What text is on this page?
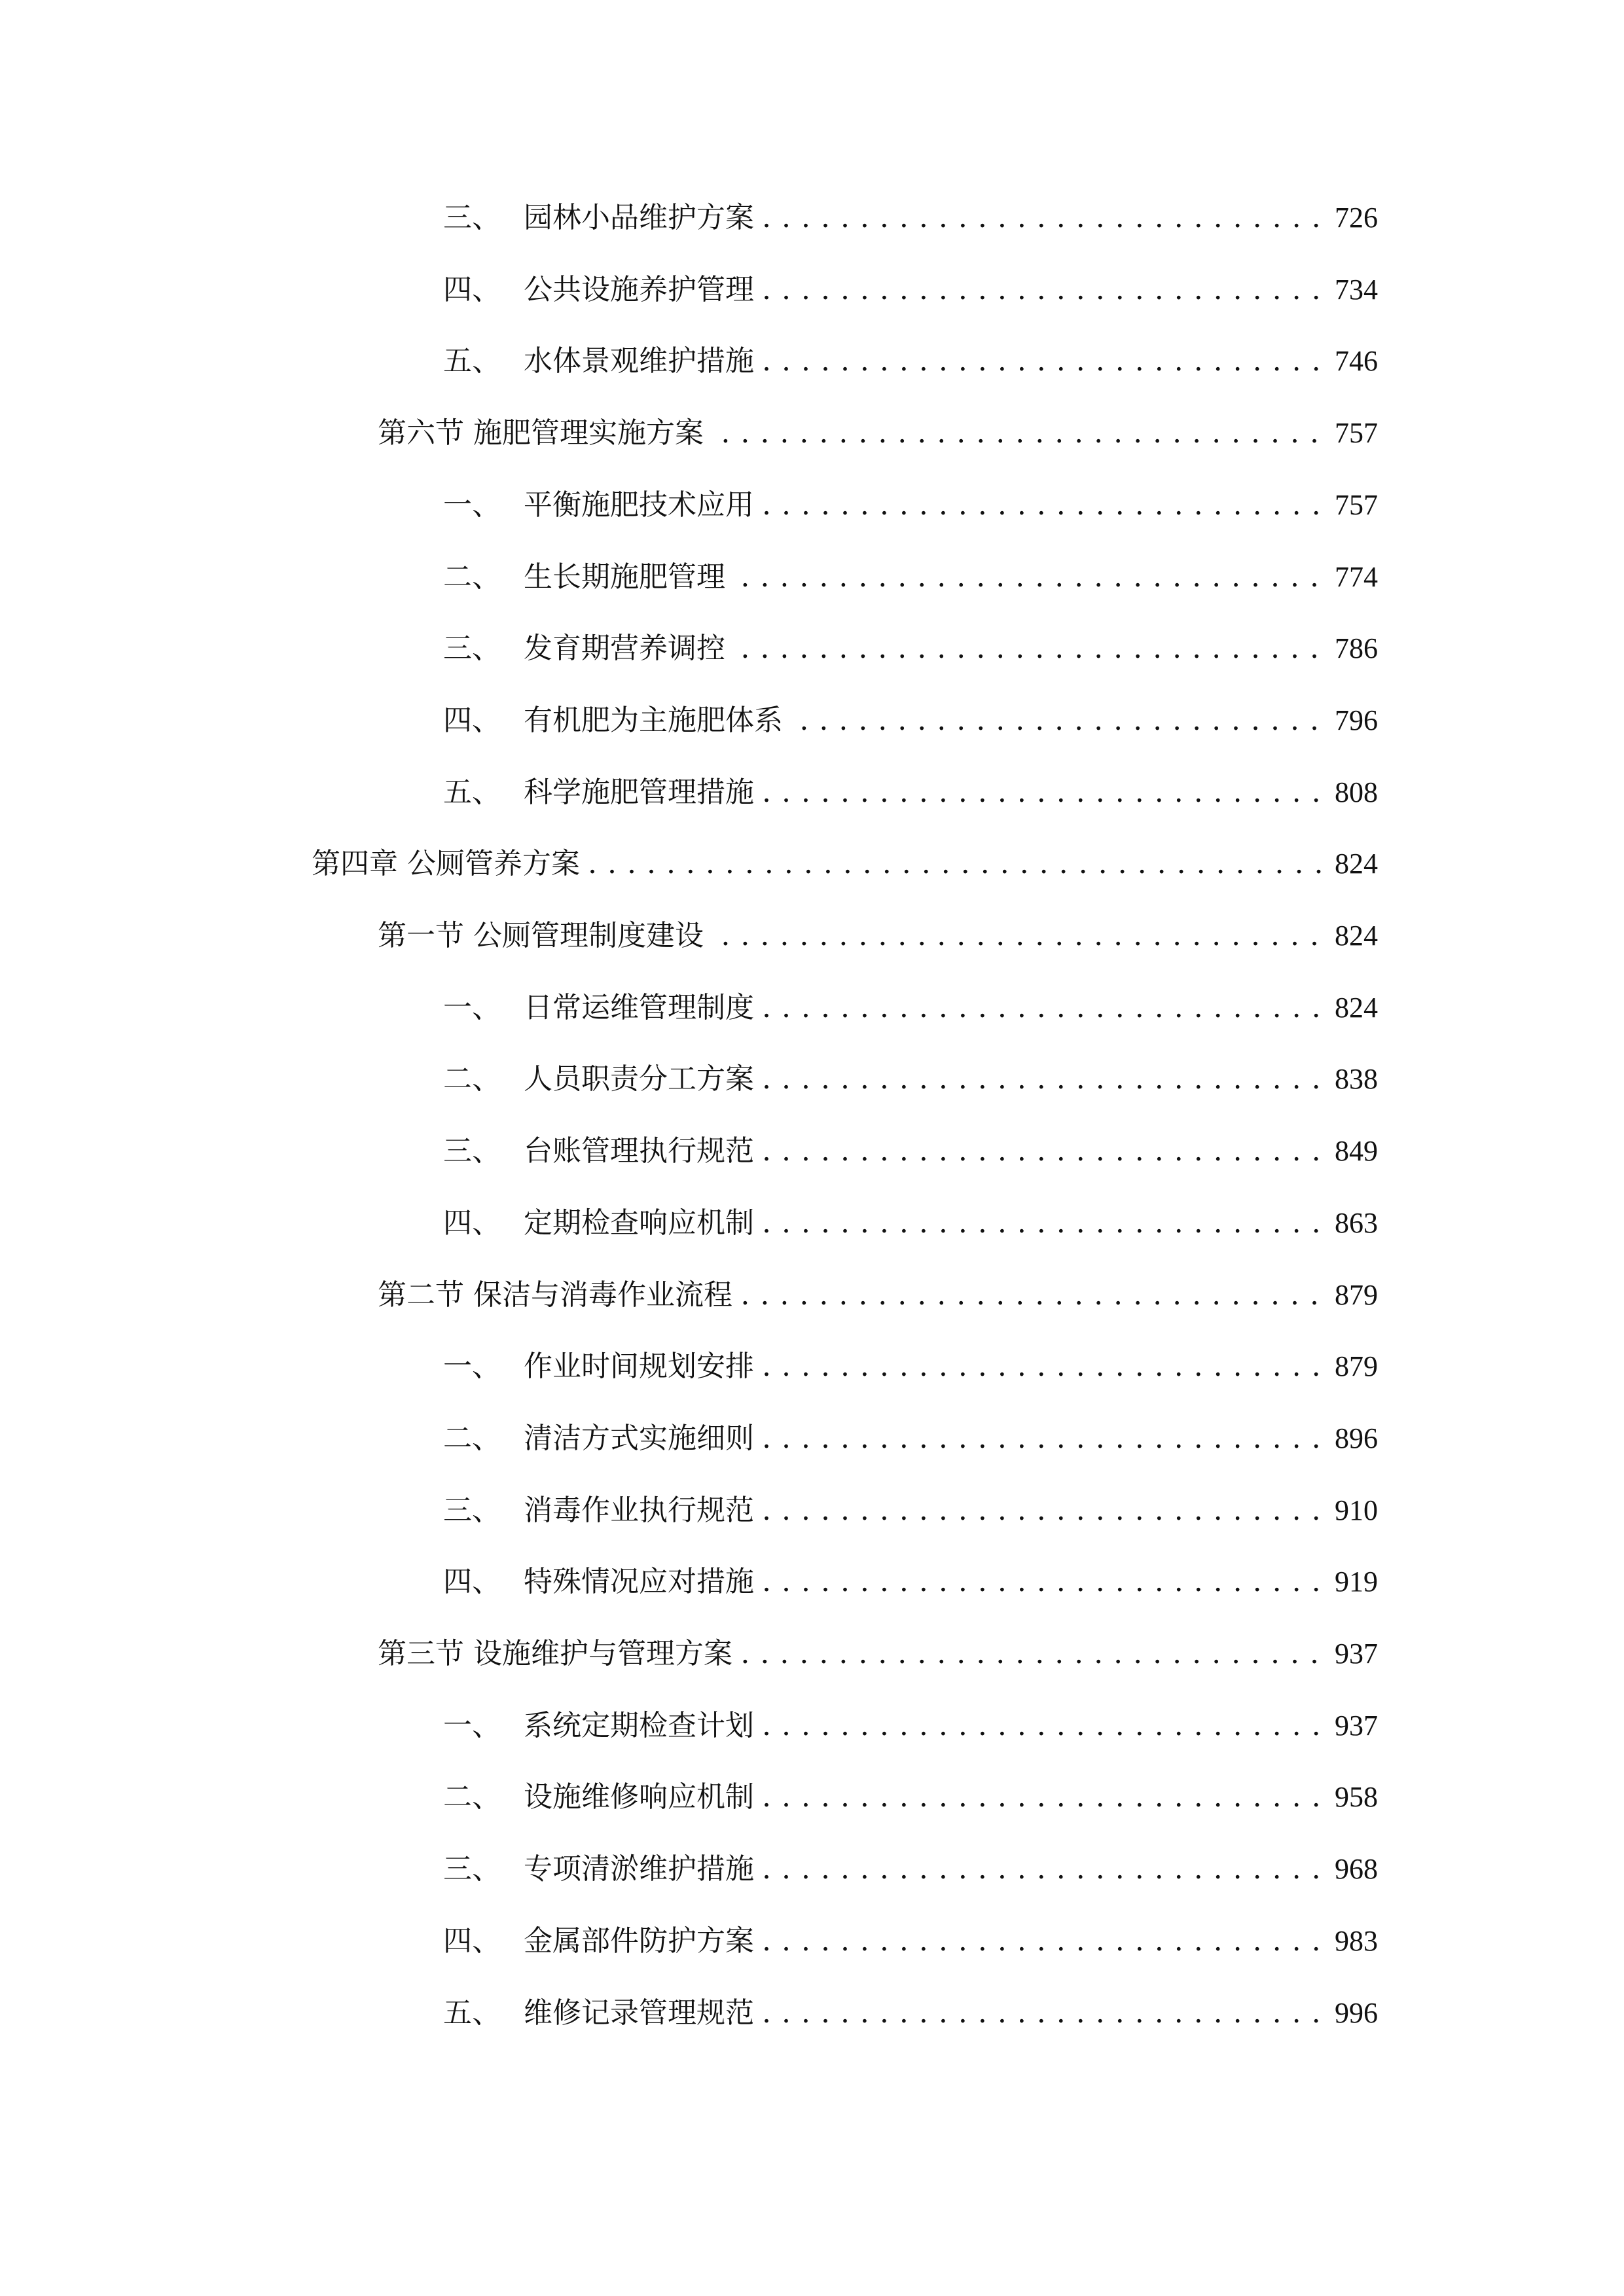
三、 园林小品维护方案 ............................. 726
四、 公共设施养护管理 ............................. 734
五、 水体景观维护措施 ............................. 746
第六节 施肥管理实施方案 ............................... 757
一、 平衡施肥技术应用 ............................. 757
二、 生长期施肥管理 .............................. 774
三、 发育期营养调控 .............................. 786
四、 有机肥为主施肥体系 ........................... 796
五、 科学施肥管理措施 ............................. 808
第四章 公厕管养方案 ...................................... 824
第一节 公厕管理制度建设 ............................... 824
一、 日常运维管理制度 ............................. 824
二、 人员职责分工方案 ............................. 838
三、 台账管理执行规范 ............................. 849
四、 定期检查响应机制 ............................. 863
第二节 保洁与消毒作业流程 .............................. 879
一、 作业时间规划安排 ............................. 879
二、 清洁方式实施细则 ............................. 896
三、 消毒作业执行规范 ............................. 910
四、 特殊情况应对措施 ............................. 919
第三节 设施维护与管理方案 .............................. 937
一、 系统定期检查计划 ............................. 937
二、 设施维修响应机制 ............................. 958
三、 专项清淤维护措施 ............................. 968
四、 金属部件防护方案 ............................. 983
五、 维修记录管理规范 ............................. 996
